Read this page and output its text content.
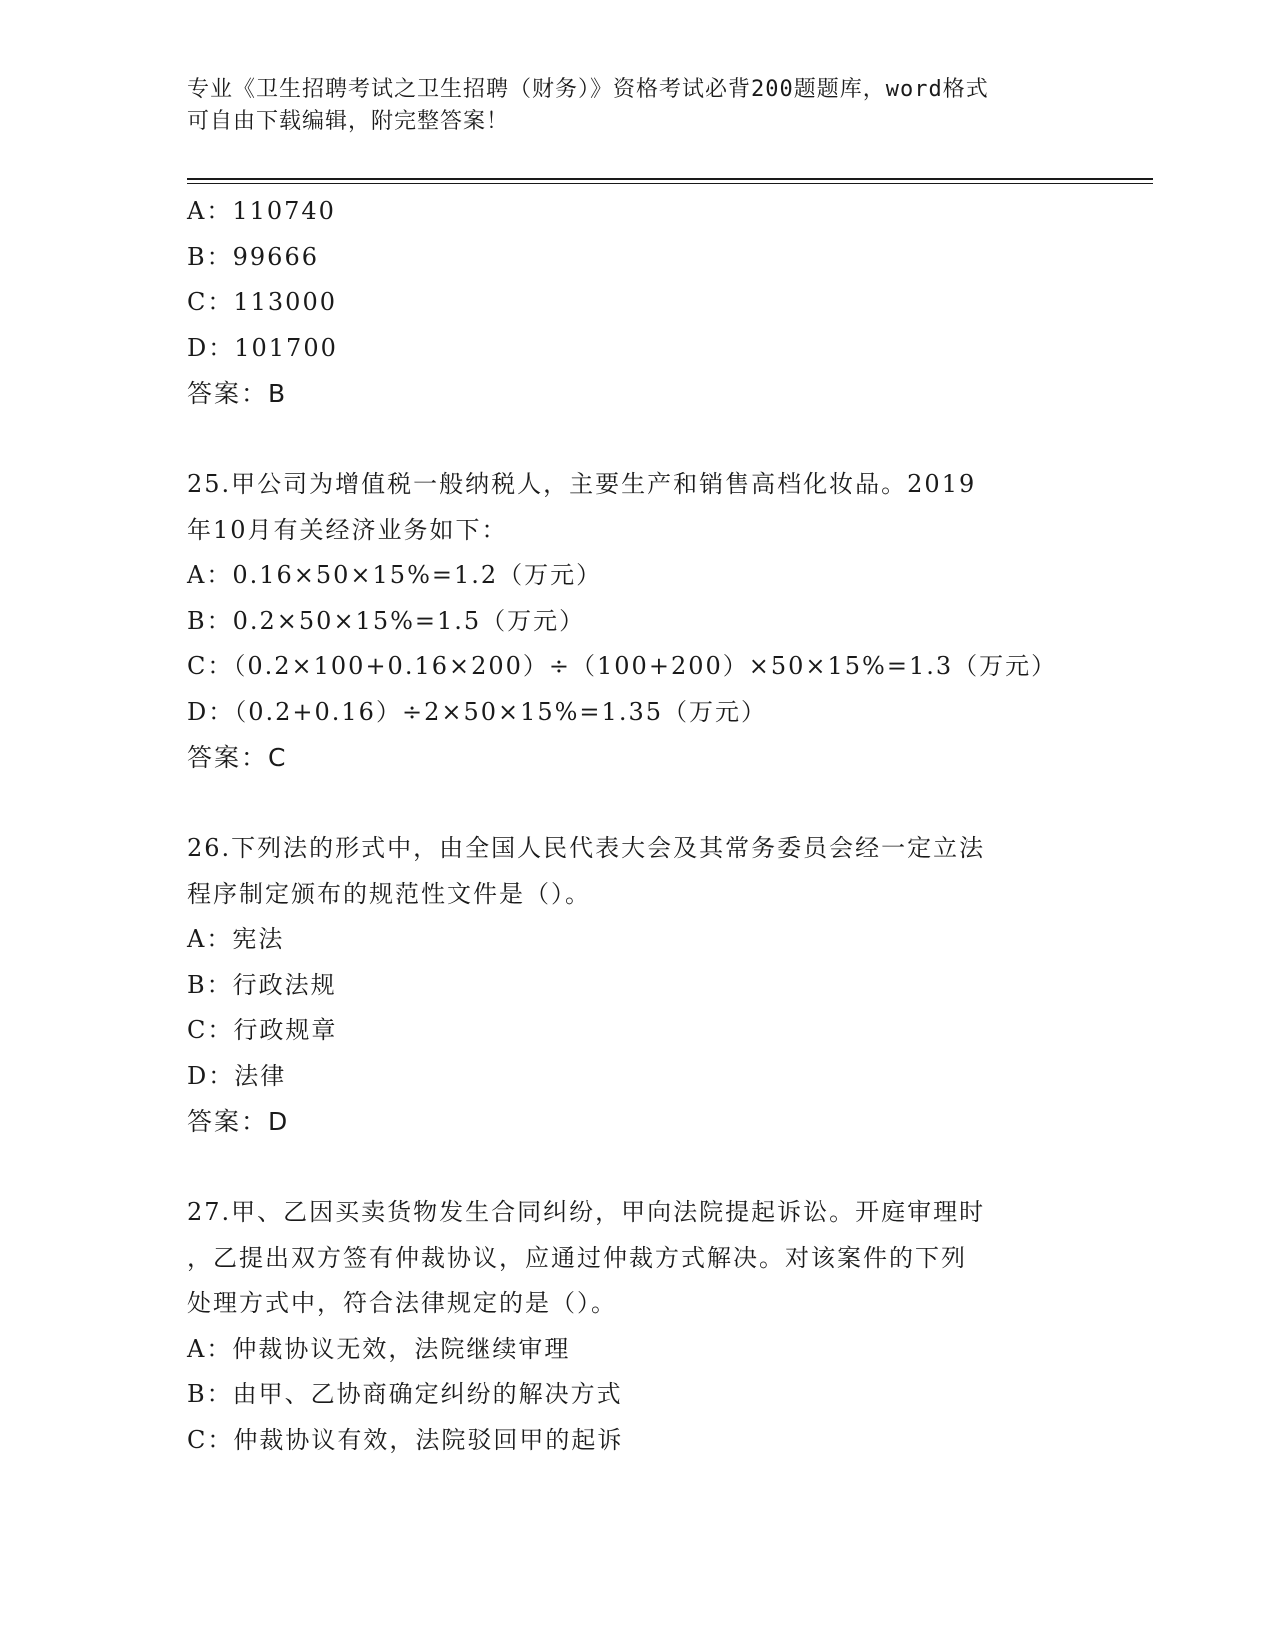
专业《卫生招聘考试之卫生招聘（财务）》资格考试必背200题题库，word格式
可自由下载编辑，附完整答案！
A：110740
B：99666
C：113000
D：101700
答案：B
25.甲公司为增值税一般纳税人，主要生产和销售高档化妆品。2019
年10月有关经济业务如下：
A：0.16×50×15%=1.2（万元）
B：0.2×50×15%=1.5（万元）
C：（0.2×100+0.16×200）÷（100+200）×50×15%=1.3（万元）
D：（0.2+0.16）÷2×50×15%=1.35（万元）
答案：C
26.下列法的形式中，由全国人民代表大会及其常务委员会经一定立法
程序制定颁布的规范性文件是（）。
A：宪法
B：行政法规
C：行政规章
D：法律
答案：D
27.甲、乙因买卖货物发生合同纠纷，甲向法院提起诉讼。开庭审理时
，乙提出双方签有仲裁协议，应通过仲裁方式解决。对该案件的下列
处理方式中，符合法律规定的是（）。
A：仲裁协议无效，法院继续审理
B：由甲、乙协商确定纠纷的解决方式
C：仲裁协议有效，法院驳回甲的起诉
